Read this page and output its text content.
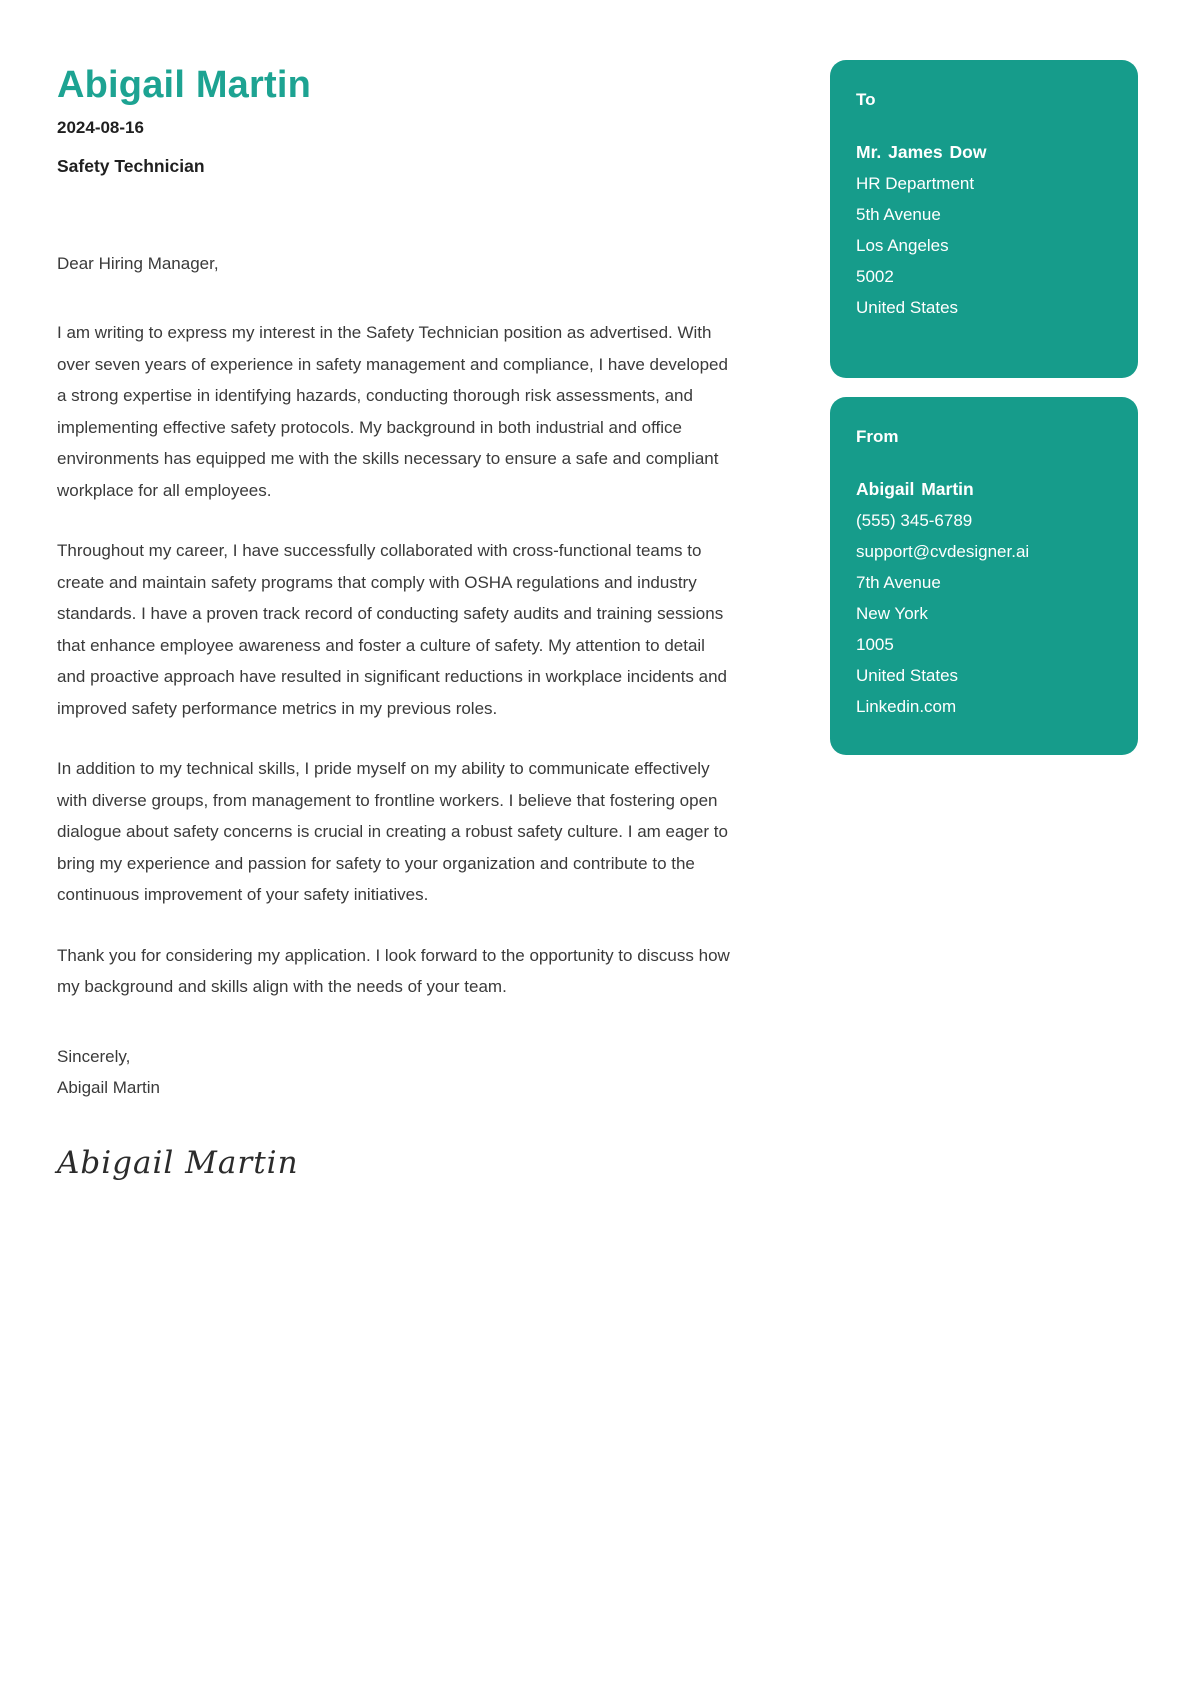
Abigail Martin
2024-08-16
Safety Technician
Dear Hiring Manager,

I am writing to express my interest in the Safety Technician position as advertised. With over seven years of experience in safety management and compliance, I have developed a strong expertise in identifying hazards, conducting thorough risk assessments, and implementing effective safety protocols. My background in both industrial and office environments has equipped me with the skills necessary to ensure a safe and compliant workplace for all employees.

Throughout my career, I have successfully collaborated with cross-functional teams to create and maintain safety programs that comply with OSHA regulations and industry standards. I have a proven track record of conducting safety audits and training sessions that enhance employee awareness and foster a culture of safety. My attention to detail and proactive approach have resulted in significant reductions in workplace incidents and improved safety performance metrics in my previous roles.

In addition to my technical skills, I pride myself on my ability to communicate effectively with diverse groups, from management to frontline workers. I believe that fostering open dialogue about safety concerns is crucial in creating a robust safety culture. I am eager to bring my experience and passion for safety to your organization and contribute to the continuous improvement of your safety initiatives.

Thank you for considering my application. I look forward to the opportunity to discuss how my background and skills align with the needs of your team.

Sincerely,
Abigail Martin
Abigail Martin
To
Mr. James Dow
HR Department
5th Avenue
Los Angeles
5002
United States
From
Abigail Martin
(555) 345-6789
support@cvdesigner.ai
7th Avenue
New York
1005
United States
Linkedin.com
